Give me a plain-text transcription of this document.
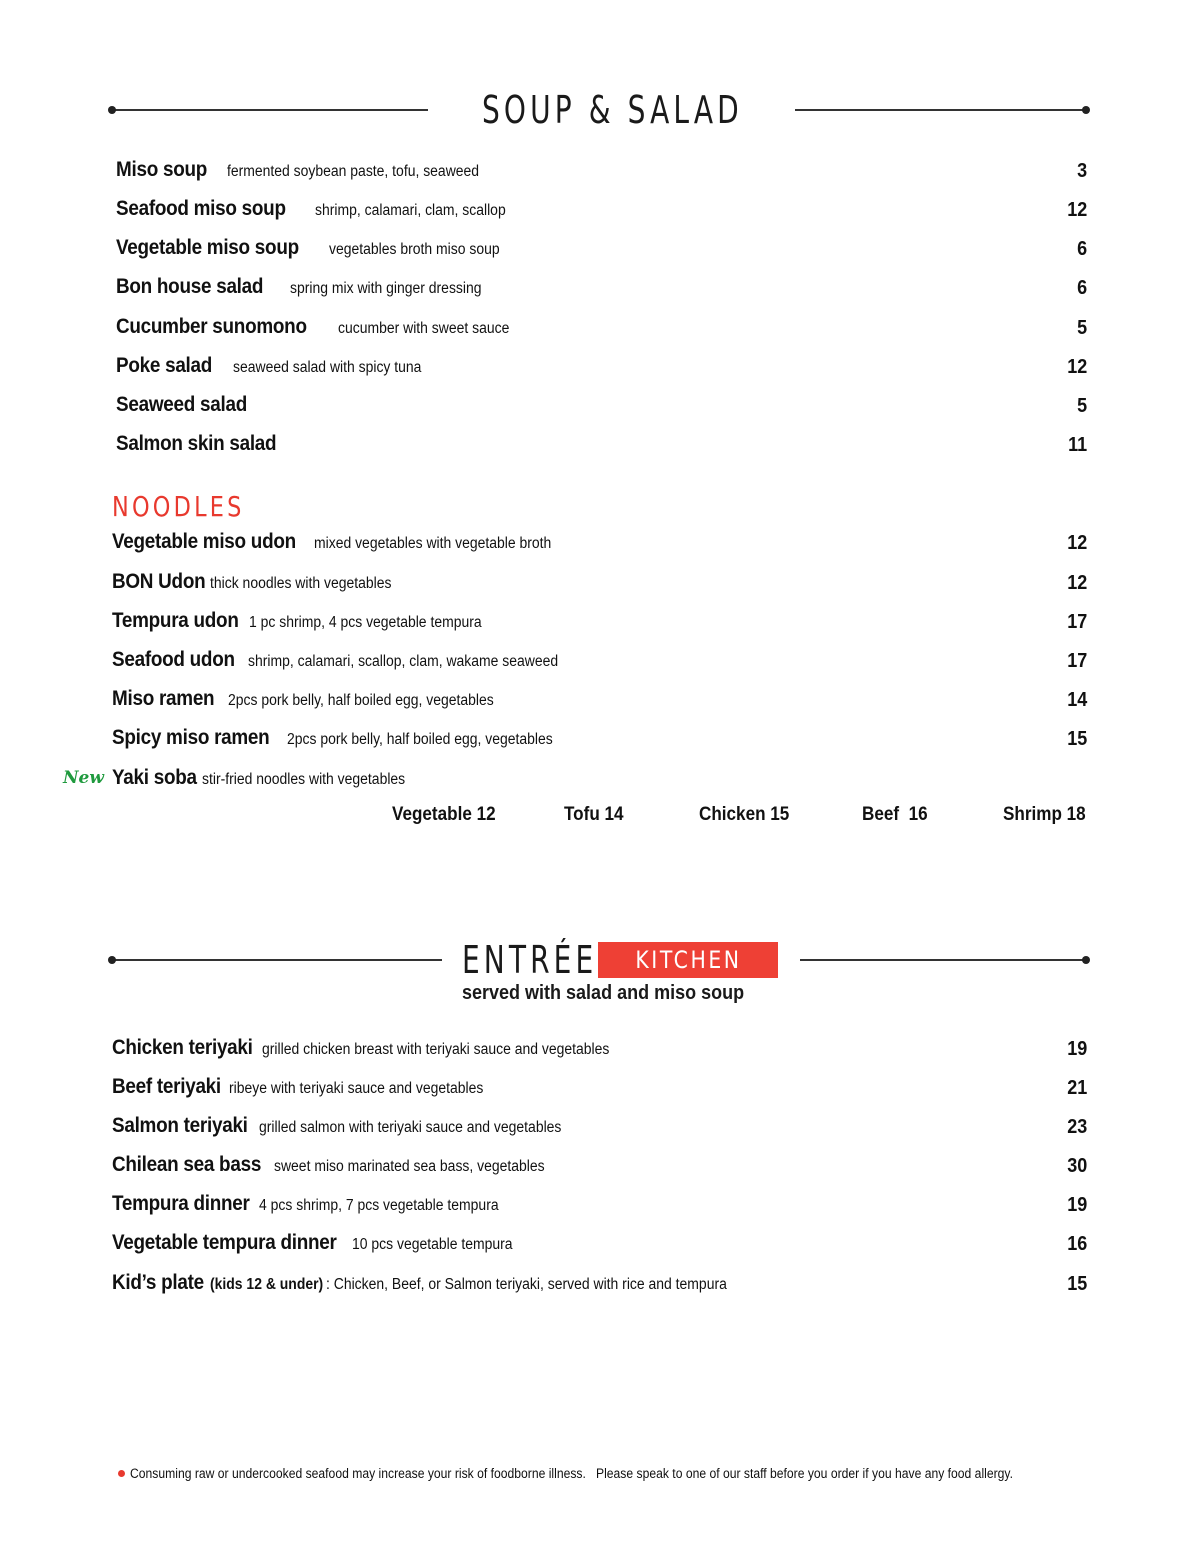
SOUP & SALAD
Miso soup fermented soybean paste, tofu, seaweed	3
Seafood miso soup shrimp, calamari, clam, scallop	12
Vegetable miso soup vegetables broth miso soup	6
Bon house salad spring mix with ginger dressing	6
Cucumber sunomono cucumber with sweet sauce	5
Poke salad seaweed salad with spicy tuna	12
Seaweed salad	5
Salmon skin salad	11
NOODLES
Vegetable miso udon mixed vegetables with vegetable broth	12
BON Udon thick noodles with vegetables	12
Tempura udon 1 pc shrimp, 4 pcs vegetable tempura	17
Seafood udon shrimp, calamari, scallop, clam, wakame seaweed	17
Miso ramen 2pcs pork belly, half boiled egg, vegetables	14
Spicy miso ramen 2pcs pork belly, half boiled egg, vegetables	15
New Yaki soba stir-fried noodles with vegetables
Vegetable 12	Tofu 14	Chicken 15	Beef  16	Shrimp 18
ENTRÉE	KITCHEN
served with salad and miso soup
Chicken teriyaki grilled chicken breast with teriyaki sauce and vegetables	19
Beef teriyaki ribeye with teriyaki sauce and vegetables	21
Salmon teriyaki grilled salmon with teriyaki sauce and vegetables	23
Chilean sea bass sweet miso marinated sea bass, vegetables	30
Tempura dinner 4 pcs shrimp, 7 pcs vegetable tempura	19
Vegetable tempura dinner 10 pcs vegetable tempura	16
Kid’s plate (kids 12 & under) : Chicken, Beef, or Salmon teriyaki, served with rice and tempura	15
Consuming raw or undercooked seafood may increase your risk of foodborne illness.   Please speak to one of our staff before you order if you have any food allergy.
